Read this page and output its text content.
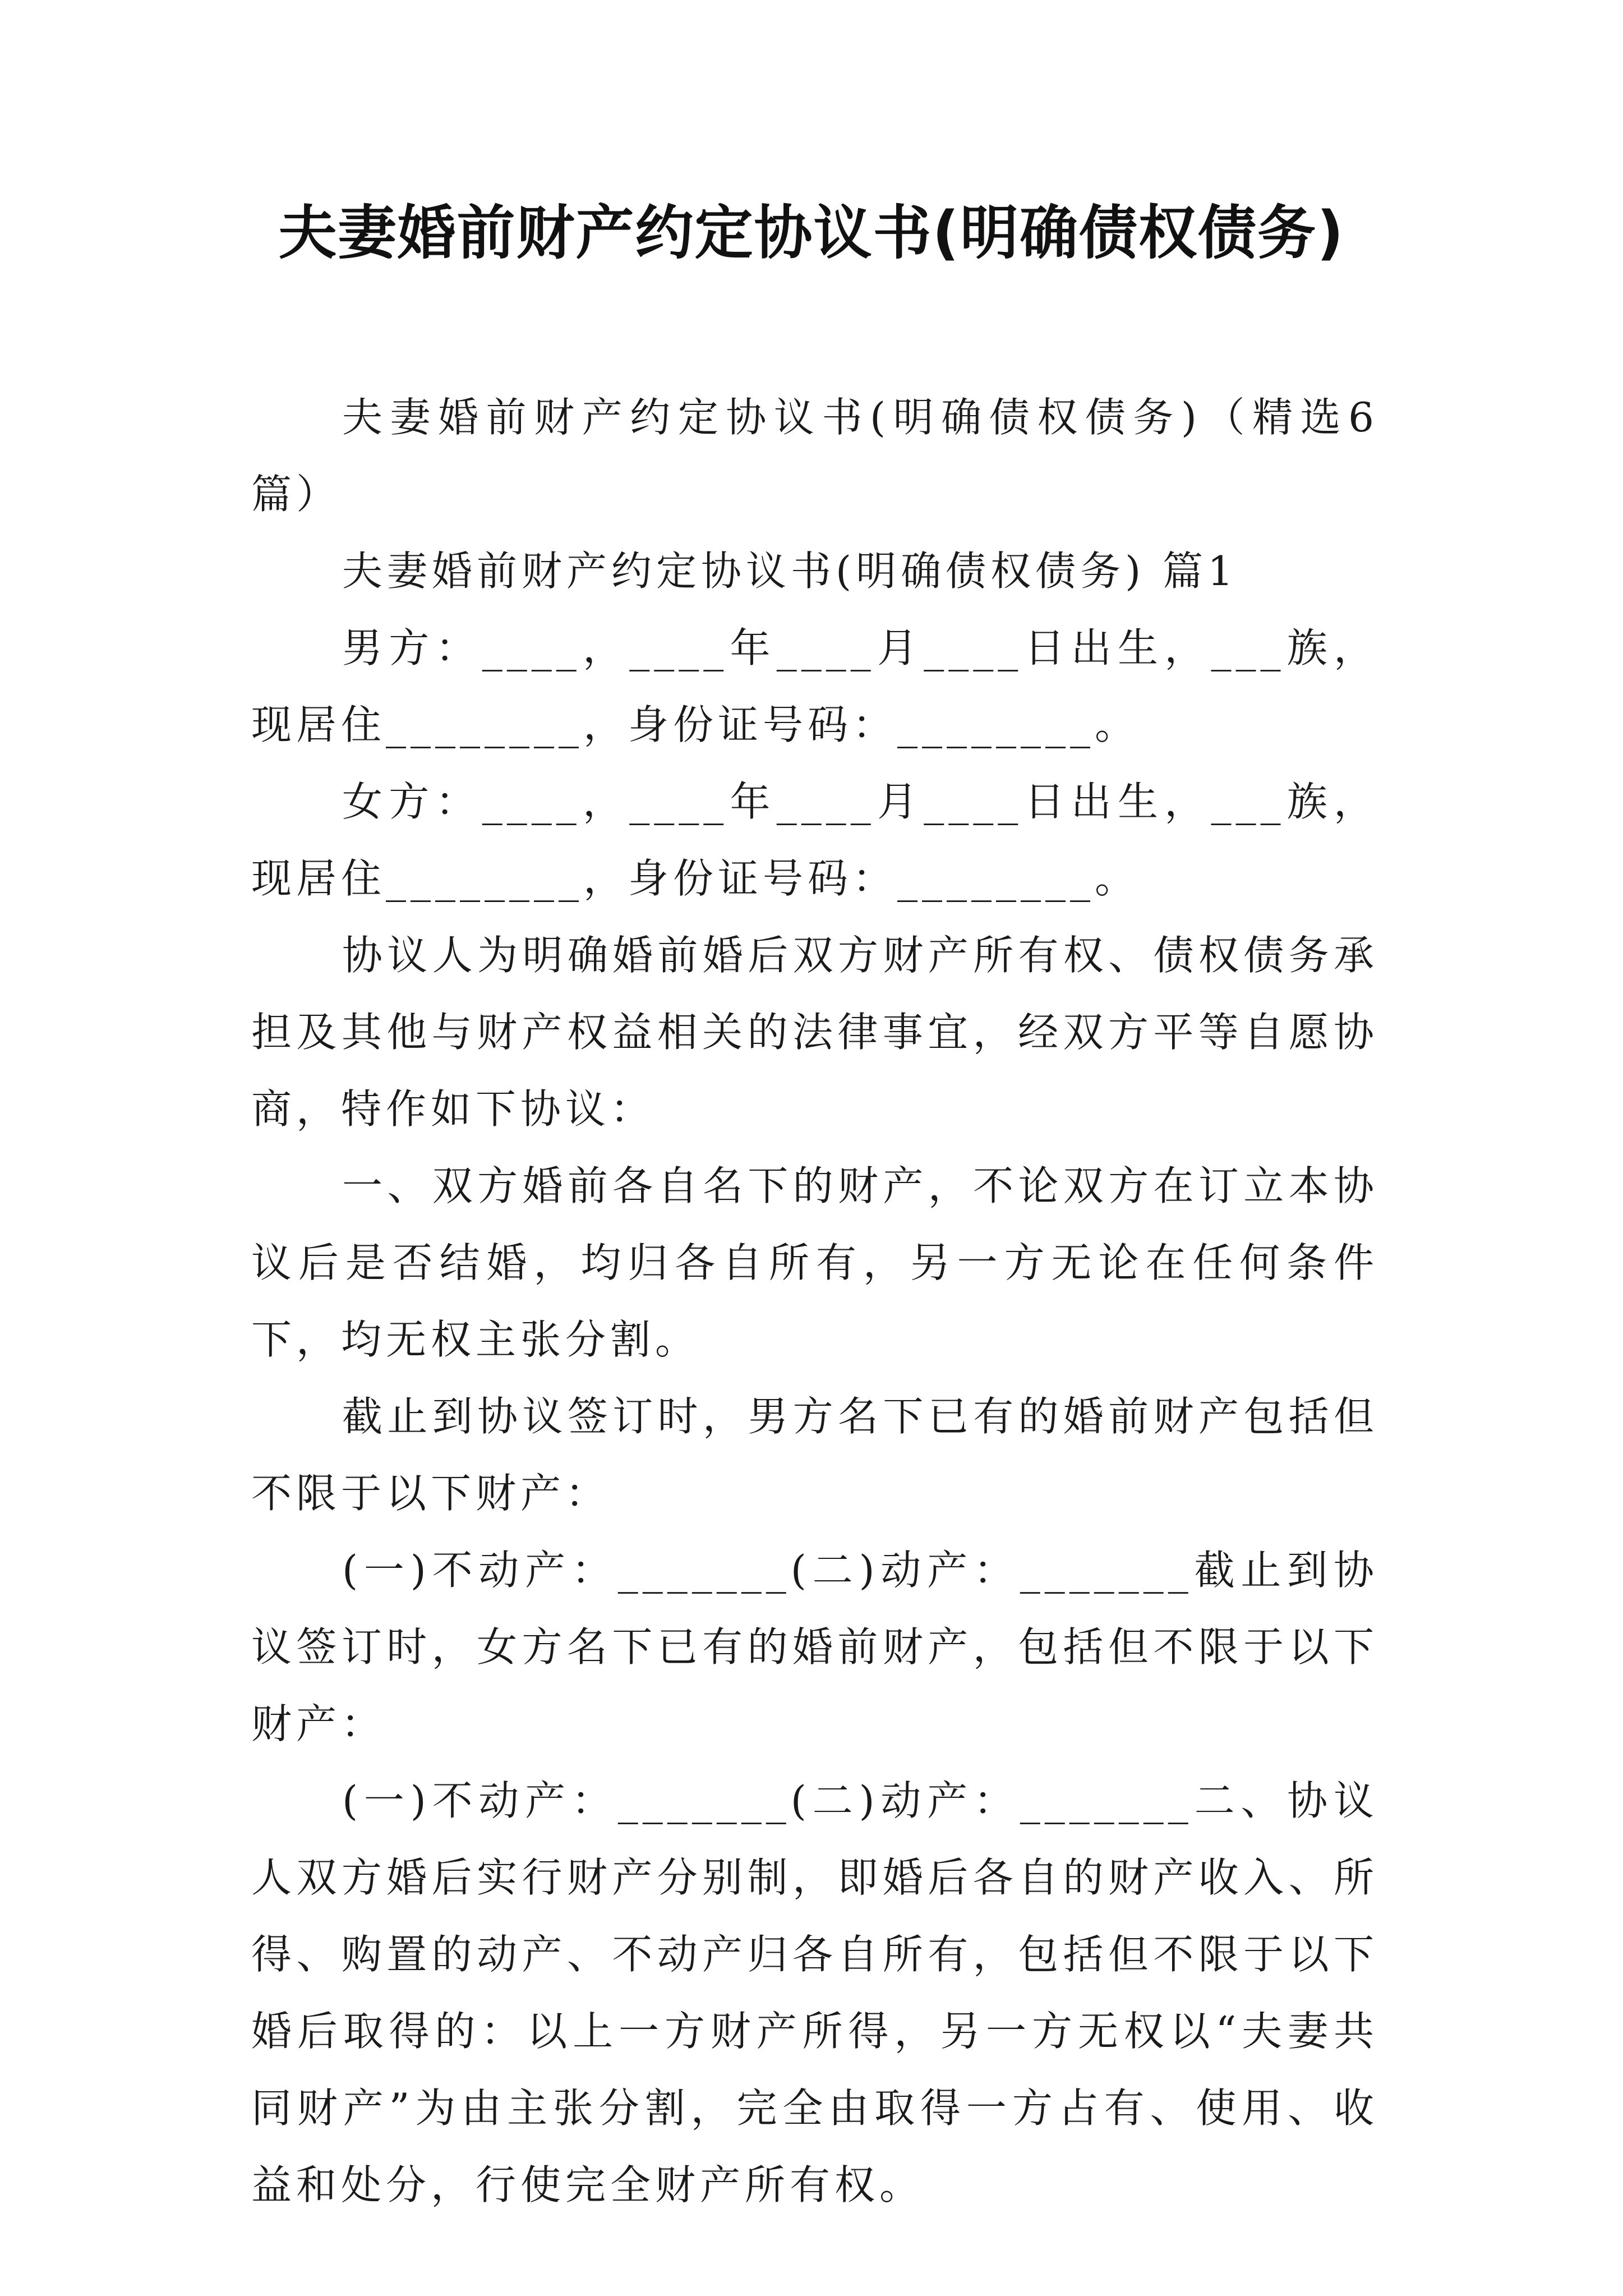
夫妻婚前财产约定协议书(明确债权债务)

夫妻婚前财产约定协议书(明确债权债务)（精选6篇）

夫妻婚前财产约定协议书(明确债权债务) 篇1

男方：____，____年____月____日出生，___族，现居住________，身份证号码：________。

女方：____，____年____月____日出生，___族，现居住________，身份证号码：________。

协议人为明确婚前婚后双方财产所有权、债权债务承担及其他与财产权益相关的法律事宜，经双方平等自愿协商，特作如下协议：

一、双方婚前各自名下的财产，不论双方在订立本协议后是否结婚，均归各自所有，另一方无论在任何条件下，均无权主张分割。

截止到协议签订时，男方名下已有的婚前财产包括但不限于以下财产：

(一)不动产：_______(二)动产：_______截止到协议签订时，女方名下已有的婚前财产，包括但不限于以下财产：

(一)不动产：_______(二)动产：_______二、协议人双方婚后实行财产分别制，即婚后各自的财产收入、所得、购置的动产、不动产归各自所有，包括但不限于以下婚后取得的：以上一方财产所得，另一方无权以“夫妻共同财产”为由主张分割，完全由取得一方占有、使用、收益和处分，行使完全财产所有权。
